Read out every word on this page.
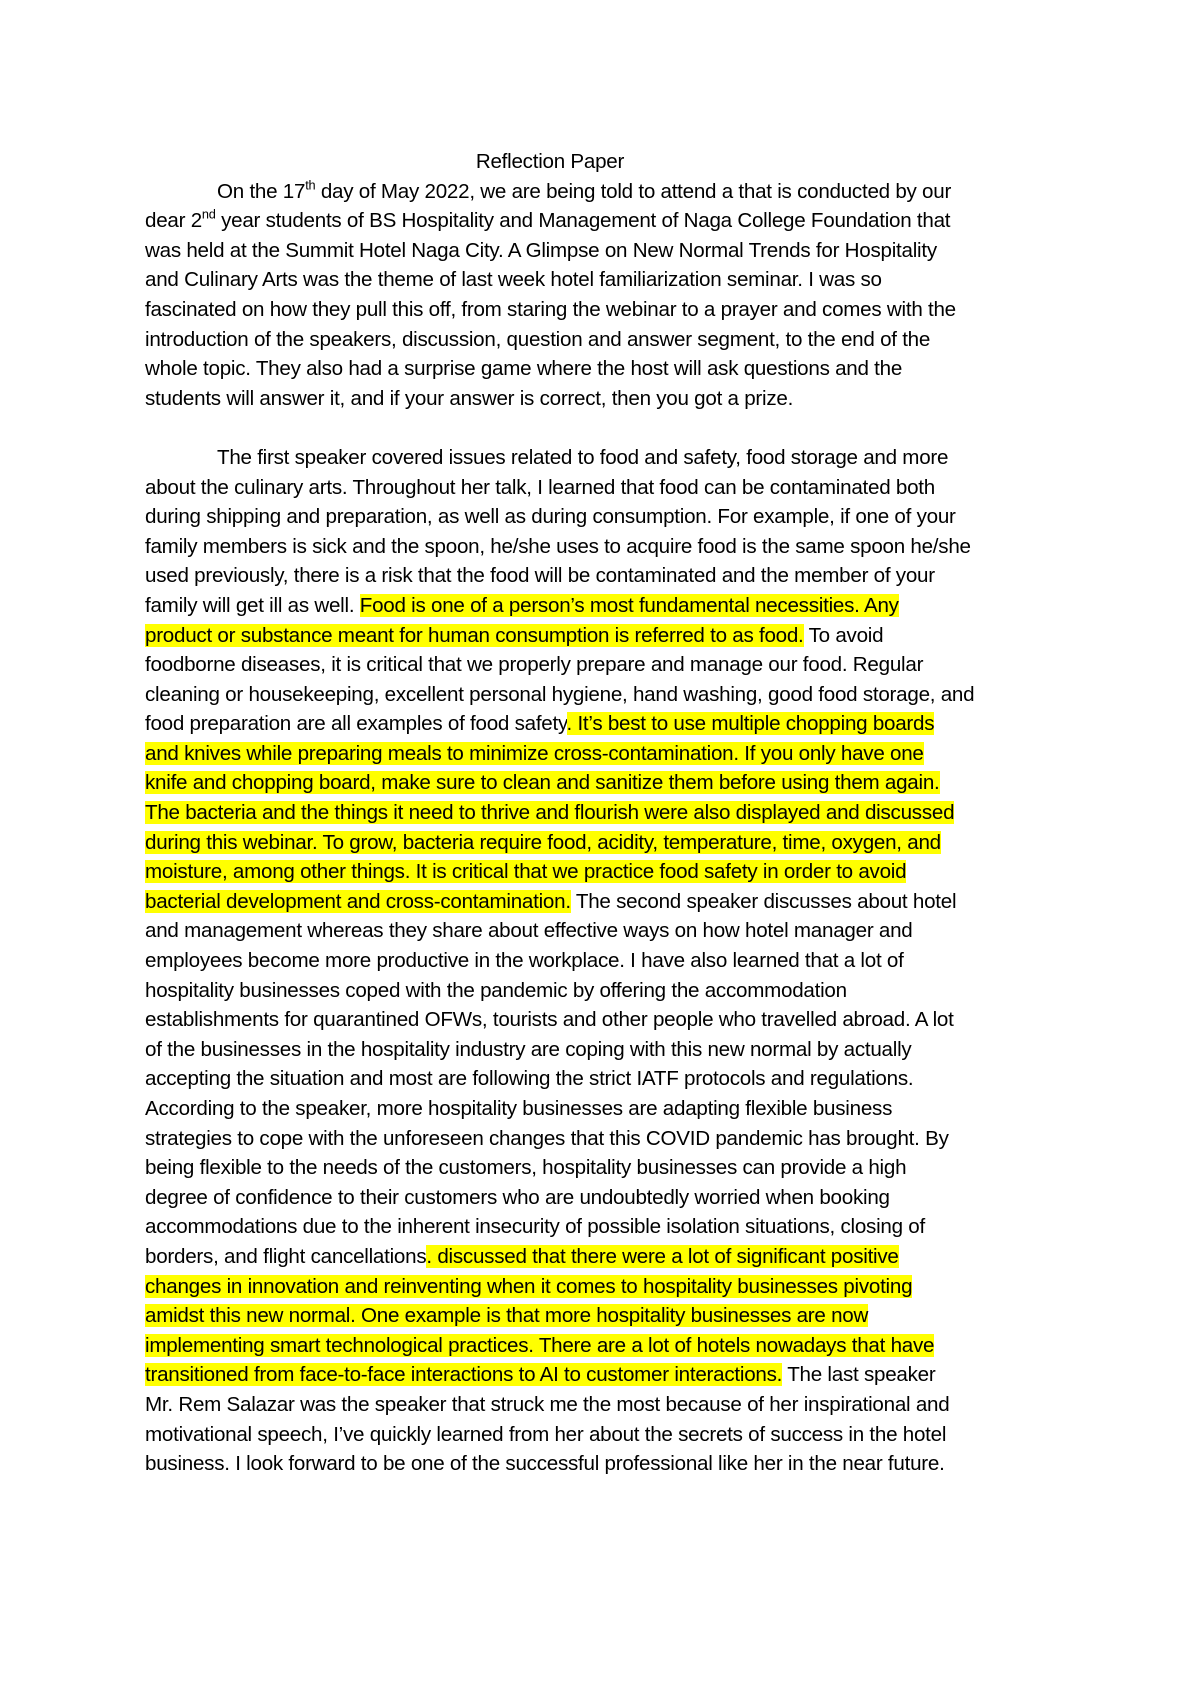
Reflection Paper
On the 17th day of May 2022, we are being told to attend a that is conducted by our
dear 2nd year students of BS Hospitality and Management of Naga College Foundation that
was held at the Summit Hotel Naga City. A Glimpse on New Normal Trends for Hospitality
and Culinary Arts was the theme of last week hotel familiarization seminar. I was so
fascinated on how they pull this off, from staring the webinar to a prayer and comes with the
introduction of the speakers, discussion, question and answer segment, to the end of the
whole topic. They also had a surprise game where the host will ask questions and the
students will answer it, and if your answer is correct, then you got a prize.
The first speaker covered issues related to food and safety, food storage and more
about the culinary arts. Throughout her talk, I learned that food can be contaminated both
during shipping and preparation, as well as during consumption. For example, if one of your
family members is sick and the spoon, he/she uses to acquire food is the same spoon he/she
used previously, there is a risk that the food will be contaminated and the member of your
family will get ill as well. Food is one of a person’s most fundamental necessities. Any
product or substance meant for human consumption is referred to as food. To avoid
foodborne diseases, it is critical that we properly prepare and manage our food. Regular
cleaning or housekeeping, excellent personal hygiene, hand washing, good food storage, and
food preparation are all examples of food safety. It’s best to use multiple chopping boards
and knives while preparing meals to minimize cross-contamination. If you only have one
knife and chopping board, make sure to clean and sanitize them before using them again.
The bacteria and the things it need to thrive and flourish were also displayed and discussed
during this webinar. To grow, bacteria require food, acidity, temperature, time, oxygen, and
moisture, among other things. It is critical that we practice food safety in order to avoid
bacterial development and cross-contamination. The second speaker discusses about hotel
and management whereas they share about effective ways on how hotel manager and
employees become more productive in the workplace. I have also learned that a lot of
hospitality businesses coped with the pandemic by offering the accommodation
establishments for quarantined OFWs, tourists and other people who travelled abroad. A lot
of the businesses in the hospitality industry are coping with this new normal by actually
accepting the situation and most are following the strict IATF protocols and regulations.
According to the speaker, more hospitality businesses are adapting flexible business
strategies to cope with the unforeseen changes that this COVID pandemic has brought. By
being flexible to the needs of the customers, hospitality businesses can provide a high
degree of confidence to their customers who are undoubtedly worried when booking
accommodations due to the inherent insecurity of possible isolation situations, closing of
borders, and flight cancellations. discussed that there were a lot of significant positive
changes in innovation and reinventing when it comes to hospitality businesses pivoting
amidst this new normal. One example is that more hospitality businesses are now
implementing smart technological practices. There are a lot of hotels nowadays that have
transitioned from face-to-face interactions to AI to customer interactions. The last speaker
Mr. Rem Salazar was the speaker that struck me the most because of her inspirational and
motivational speech, I’ve quickly learned from her about the secrets of success in the hotel
business. I look forward to be one of the successful professional like her in the near future.
